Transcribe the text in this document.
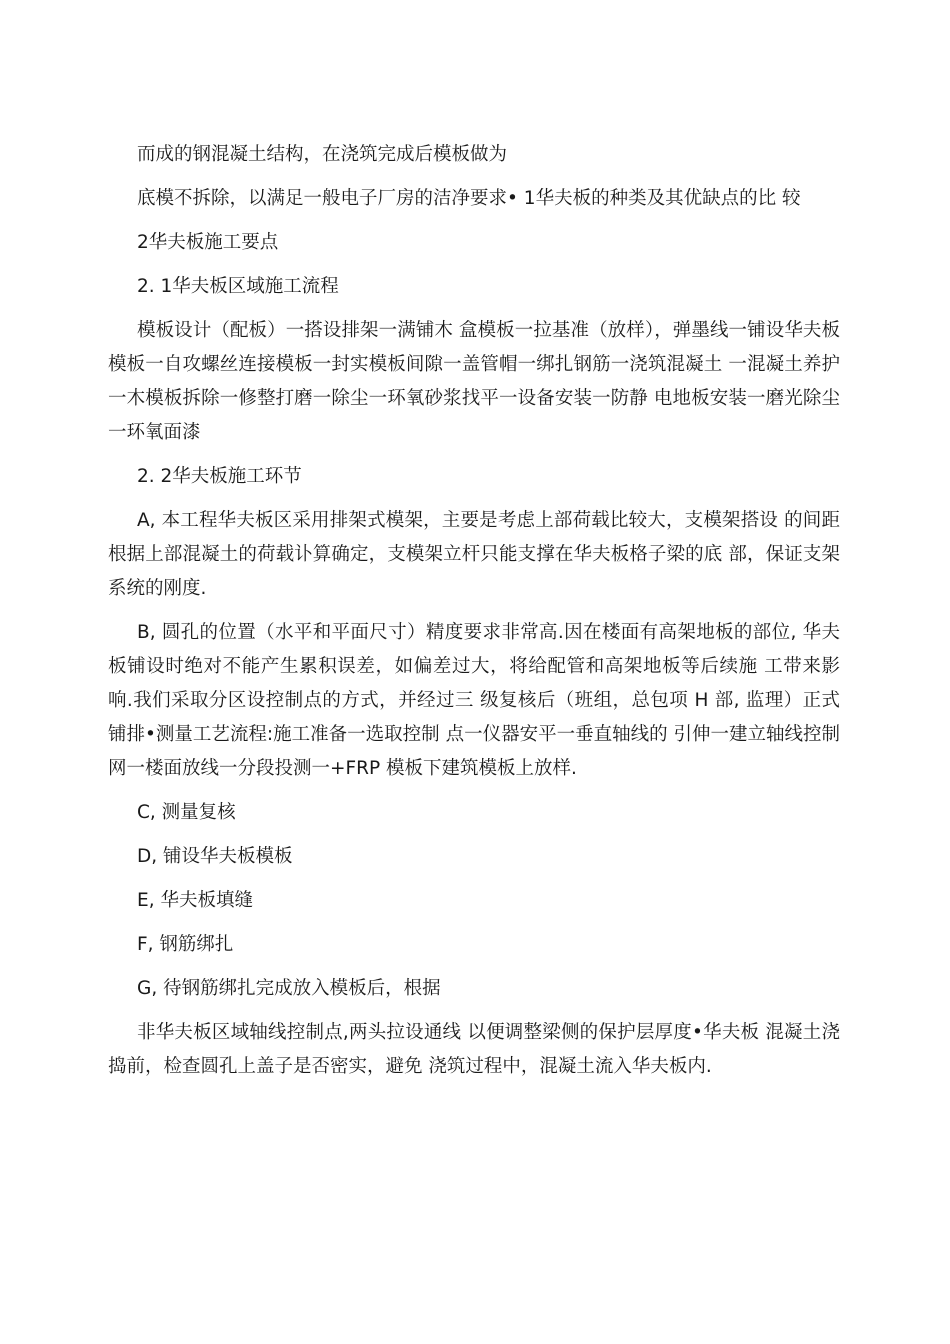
而成的钢混凝土结构，在浇筑完成后模板做为

底模不拆除，以满足一般电子厂房的洁净要求• 1华夫板的种类及其优缺点的比 较

2华夫板施工要点

2. 1华夫板区域施工流程

模板设计（配板）一搭设排架一满铺木 盒模板一拉基准（放样），弹墨线一铺设华夫板模板一自攻螺丝连接模板一封实模板间隙一盖管帽一绑扎钢筋一浇筑混凝土 一混凝土养护一木模板拆除一修整打磨一除尘一环氧砂浆找平一设备安装一防静 电地板安装一磨光除尘一环氧面漆

2. 2华夫板施工环节

A, 本工程华夫板区采用排架式模架，主要是考虑上部荷载比较大，支模架搭设 的间距根据上部混凝土的荷载讣算确定，支模架立杆只能支撑在华夫板格子梁的底 部，保证支架系统的刚度.

B, 圆孔的位置（水平和平面尺寸）精度要求非常高.因在楼面有高架地板的部位, 华夫板铺设时绝对不能产生累积误差，如偏差过大，将给配管和高架地板等后续施 工带来影响.我们采取分区设控制点的方式，并经过三 级复核后（班组，总包项 H 部, 监理）正式铺排•测量工艺流程:施工准备一选取控制 点一仪器安平一垂直轴线的 引伸一建立轴线控制网一楼面放线一分段投测一+FRP 模板下建筑模板上放样.

C, 测量复核

D, 铺设华夫板模板

E, 华夫板填缝

F, 钢筋绑扎

G, 待钢筋绑扎完成放入模板后，根据

非华夫板区域轴线控制点,两头拉设通线 以便调整梁侧的保护层厚度•华夫板 混凝土浇捣前，检查圆孔上盖子是否密实，避免 浇筑过程中，混凝土流入华夫板内.
